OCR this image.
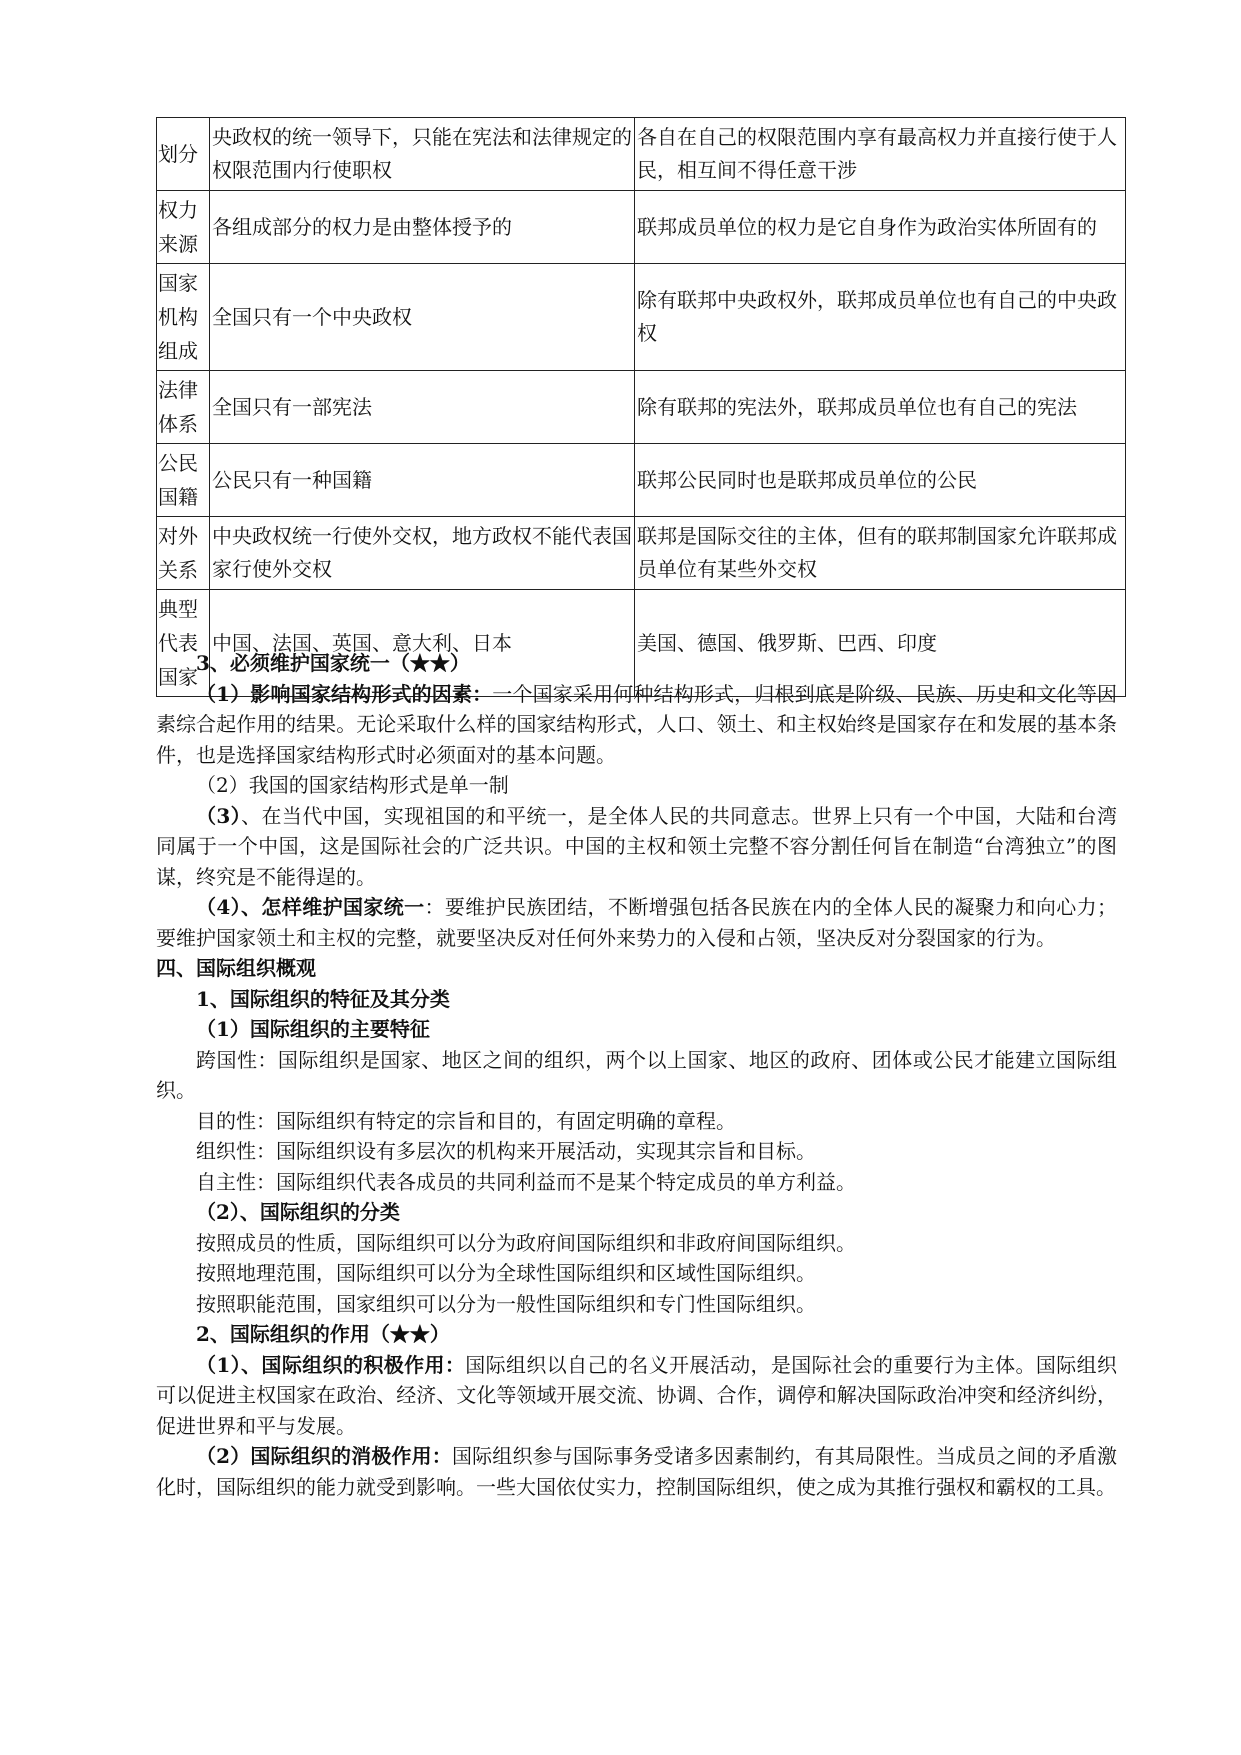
划分	央政权的统一领导下，只能在宪法和法律规定的权限范围内行使职权	各自在自己的权限范围内享有最高权力并直接行使于人民，相互间不得任意干涉
权力来源	各组成部分的权力是由整体授予的	联邦成员单位的权力是它自身作为政治实体所固有的
国家机构组成	全国只有一个中央政权	除有联邦中央政权外，联邦成员单位也有自己的中央政权
法律体系	全国只有一部宪法	除有联邦的宪法外，联邦成员单位也有自己的宪法
公民国籍	公民只有一种国籍	联邦公民同时也是联邦成员单位的公民
对外关系	中央政权统一行使外交权，地方政权不能代表国家行使外交权	联邦是国际交往的主体，但有的联邦制国家允许联邦成员单位有某些外交权
典型代表国家	中国、法国、英国、意大利、日本	美国、德国、俄罗斯、巴西、印度

3、必须维护国家统一（★★）

（1）影响国家结构形式的因素：一个国家采用何种结构形式，归根到底是阶级、民族、历史和文化等因素综合起作用的结果。无论采取什么样的国家结构形式，人口、领土、和主权始终是国家存在和发展的基本条件，也是选择国家结构形式时必须面对的基本问题。

（2）我国的国家结构形式是单一制

（3）、在当代中国，实现祖国的和平统一，是全体人民的共同意志。世界上只有一个中国，大陆和台湾同属于一个中国，这是国际社会的广泛共识。中国的主权和领土完整不容分割任何旨在制造“台湾独立”的图谋，终究是不能得逞的。

（4）、怎样维护国家统一：要维护民族团结，不断增强包括各民族在内的全体人民的凝聚力和向心力；要维护国家领土和主权的完整，就要坚决反对任何外来势力的入侵和占领，坚决反对分裂国家的行为。

四、国际组织概观

1、国际组织的特征及其分类

（1）国际组织的主要特征

跨国性：国际组织是国家、地区之间的组织，两个以上国家、地区的政府、团体或公民才能建立国际组织。

目的性：国际组织有特定的宗旨和目的，有固定明确的章程。

组织性：国际组织设有多层次的机构来开展活动，实现其宗旨和目标。

自主性：国际组织代表各成员的共同利益而不是某个特定成员的单方利益。

（2）、国际组织的分类

按照成员的性质，国际组织可以分为政府间国际组织和非政府间国际组织。

按照地理范围，国际组织可以分为全球性国际组织和区域性国际组织。

按照职能范围，国家组织可以分为一般性国际组织和专门性国际组织。

2、国际组织的作用（★★）

（1）、国际组织的积极作用：国际组织以自己的名义开展活动，是国际社会的重要行为主体。国际组织可以促进主权国家在政治、经济、文化等领域开展交流、协调、合作，调停和解决国际政治冲突和经济纠纷，促进世界和平与发展。

（2）国际组织的消极作用：国际组织参与国际事务受诸多因素制约，有其局限性。当成员之间的矛盾激化时，国际组织的能力就受到影响。一些大国依仗实力，控制国际组织，使之成为其推行强权和霸权的工具。
